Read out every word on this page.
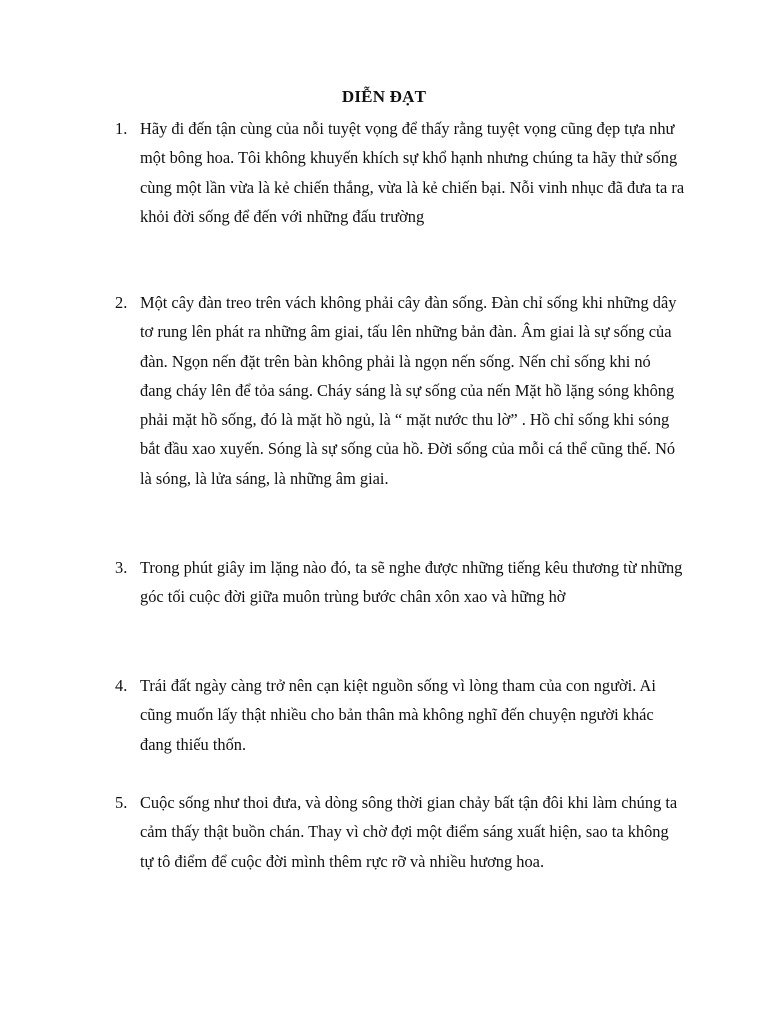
DIỄN ĐẠT
1. Hãy đi đến tận cùng của nỗi tuyệt vọng để thấy rằng tuyệt vọng cũng đẹp tựa như một bông hoa. Tôi không khuyến khích sự khổ hạnh nhưng chúng ta hãy thử sống cùng một lần vừa là kẻ chiến thắng, vừa là kẻ chiến bại. Nỗi vinh nhục đã đưa ta ra khỏi đời sống để đến với những đấu trường
2. Một cây đàn treo trên vách không phải cây đàn sống. Đàn chỉ sống khi những dây tơ rung lên phát ra những âm giai, tấu lên những bản đàn. Âm giai là sự sống của đàn. Ngọn nến đặt trên bàn không phải là ngọn nến sống. Nến chỉ sống khi nó đang cháy lên để tỏa sáng. Cháy sáng là sự sống của nến Mặt hồ lặng sóng không phải mặt hồ sống, đó là mặt hồ ngủ, là “ mặt nước thu lờ” . Hồ chỉ sống khi sóng bắt đầu xao xuyến. Sóng là sự sống của hồ. Đời sống của mỗi cá thể cũng thế. Nó là sóng, là lửa sáng, là những âm giai.
3. Trong phút giây im lặng nào đó, ta sẽ nghe được những tiếng kêu thương từ những góc tối cuộc đời giữa muôn trùng bước chân xôn xao và hững hờ
4. Trái đất ngày càng trở nên cạn kiệt nguồn sống vì lòng tham của con người. Ai cũng muốn lấy thật nhiều cho bản thân mà không nghĩ đến chuyện người khác đang thiếu thốn.
5. Cuộc sống như thoi đưa, và dòng sông thời gian chảy bất tận đôi khi làm chúng ta cảm thấy thật buồn chán. Thay vì chờ đợi một điểm sáng xuất hiện, sao ta không tự tô điểm để cuộc đời mình thêm rực rỡ và nhiều hương hoa.
